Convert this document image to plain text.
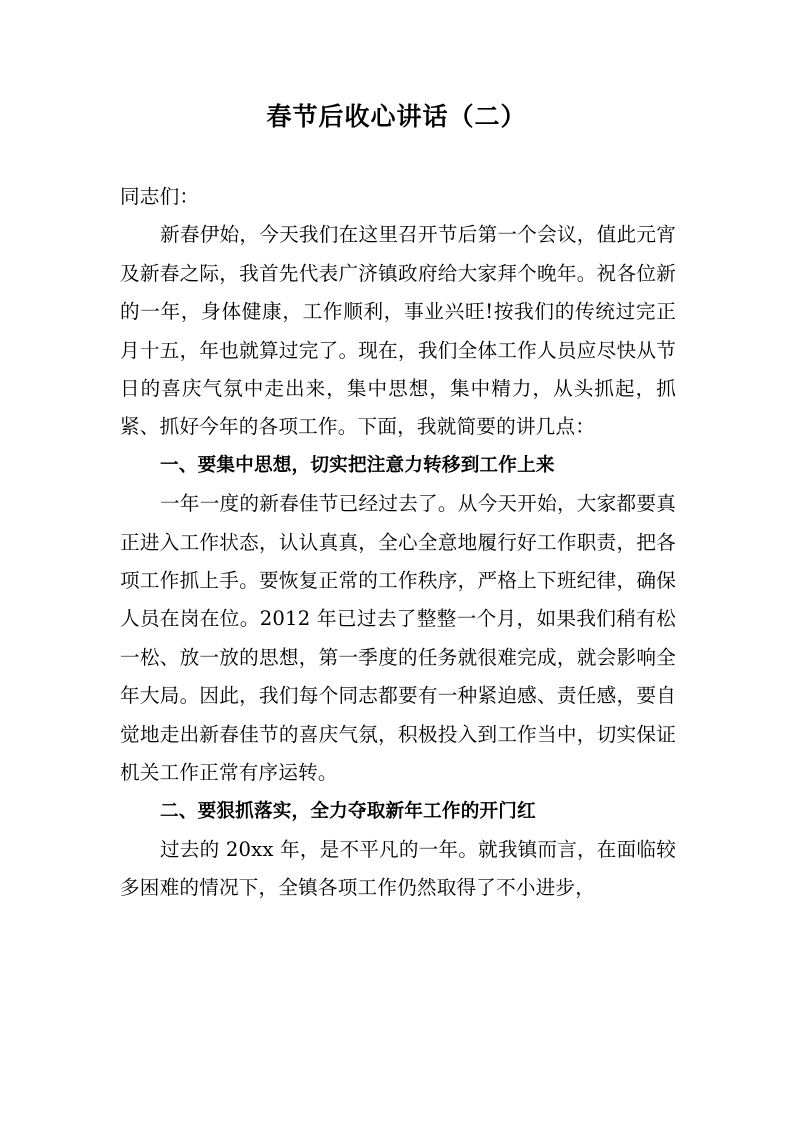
春节后收心讲话（二）

同志们：

新春伊始，今天我们在这里召开节后第一个会议，值此元宵及新春之际，我首先代表广济镇政府给大家拜个晚年。祝各位新的一年，身体健康，工作顺利，事业兴旺!按我们的传统过完正月十五，年也就算过完了。现在，我们全体工作人员应尽快从节日的喜庆气氛中走出来，集中思想，集中精力，从头抓起，抓紧、抓好今年的各项工作。下面，我就简要的讲几点：

一、要集中思想，切实把注意力转移到工作上来

一年一度的新春佳节已经过去了。从今天开始，大家都要真正进入工作状态，认认真真，全心全意地履行好工作职责，把各项工作抓上手。要恢复正常的工作秩序，严格上下班纪律，确保人员在岗在位。2012 年已过去了整整一个月，如果我们稍有松一松、放一放的思想，第一季度的任务就很难完成，就会影响全年大局。因此，我们每个同志都要有一种紧迫感、责任感，要自觉地走出新春佳节的喜庆气氛，积极投入到工作当中，切实保证机关工作正常有序运转。

二、要狠抓落实，全力夺取新年工作的开门红

过去的 20xx 年，是不平凡的一年。就我镇而言，在面临较多困难的情况下，全镇各项工作仍然取得了不小进步，
